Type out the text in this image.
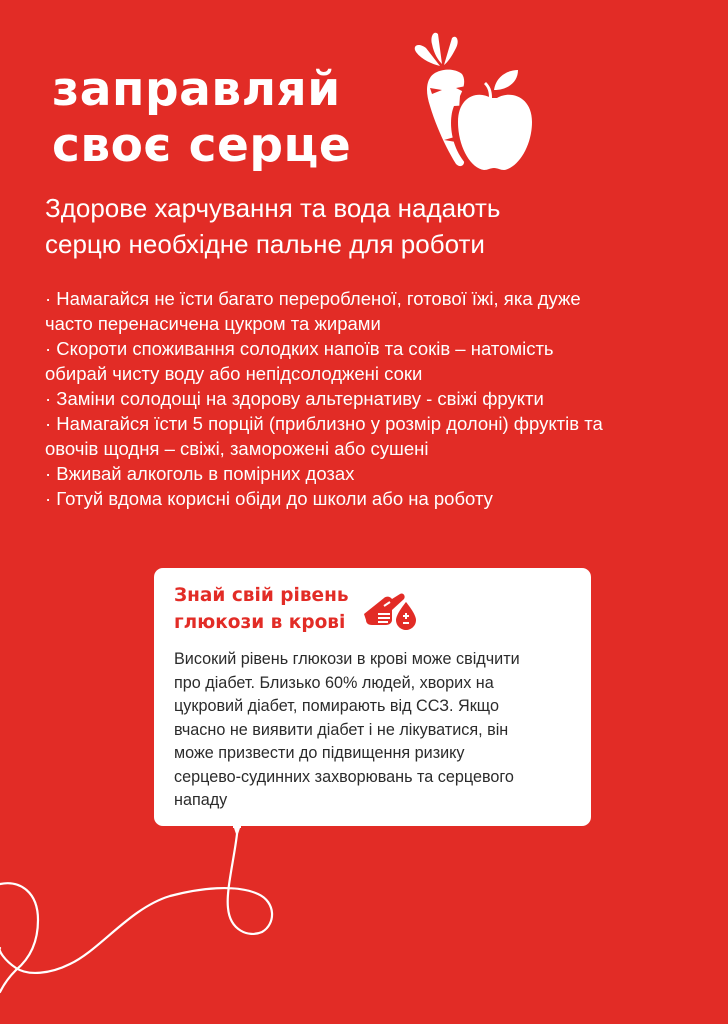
заправляй
своє серце
Здорове харчування та вода надають
серцю необхідне пальне для роботи
· Намагайся не їсти багато переробленої, готової їжі, яка дуже
часто перенасичена цукром та жирами
· Скороти споживання солодких напоїв та соків – натомість
обирай чисту воду або непідсолоджені соки
· Заміни солодощі на здорову альтернативу - свіжі фрукти
· Намагайся їсти 5 порцій (приблизно у розмір долоні) фруктів та
овочів щодня – свіжі, заморожені або сушені
· Вживай алкоголь в помірних дозах
· Готуй вдома корисні обіди до школи або на роботу
Знай свій рівень
глюкози в крові
Високий рівень глюкози в крові може свідчити
про діабет. Близько 60% людей, хворих на
цукровий діабет, помирають від ССЗ. Якщо
вчасно не виявити діабет і не лікуватися, він
може призвести до підвищення ризику
серцево-судинних захворювань та серцевого
нападу
